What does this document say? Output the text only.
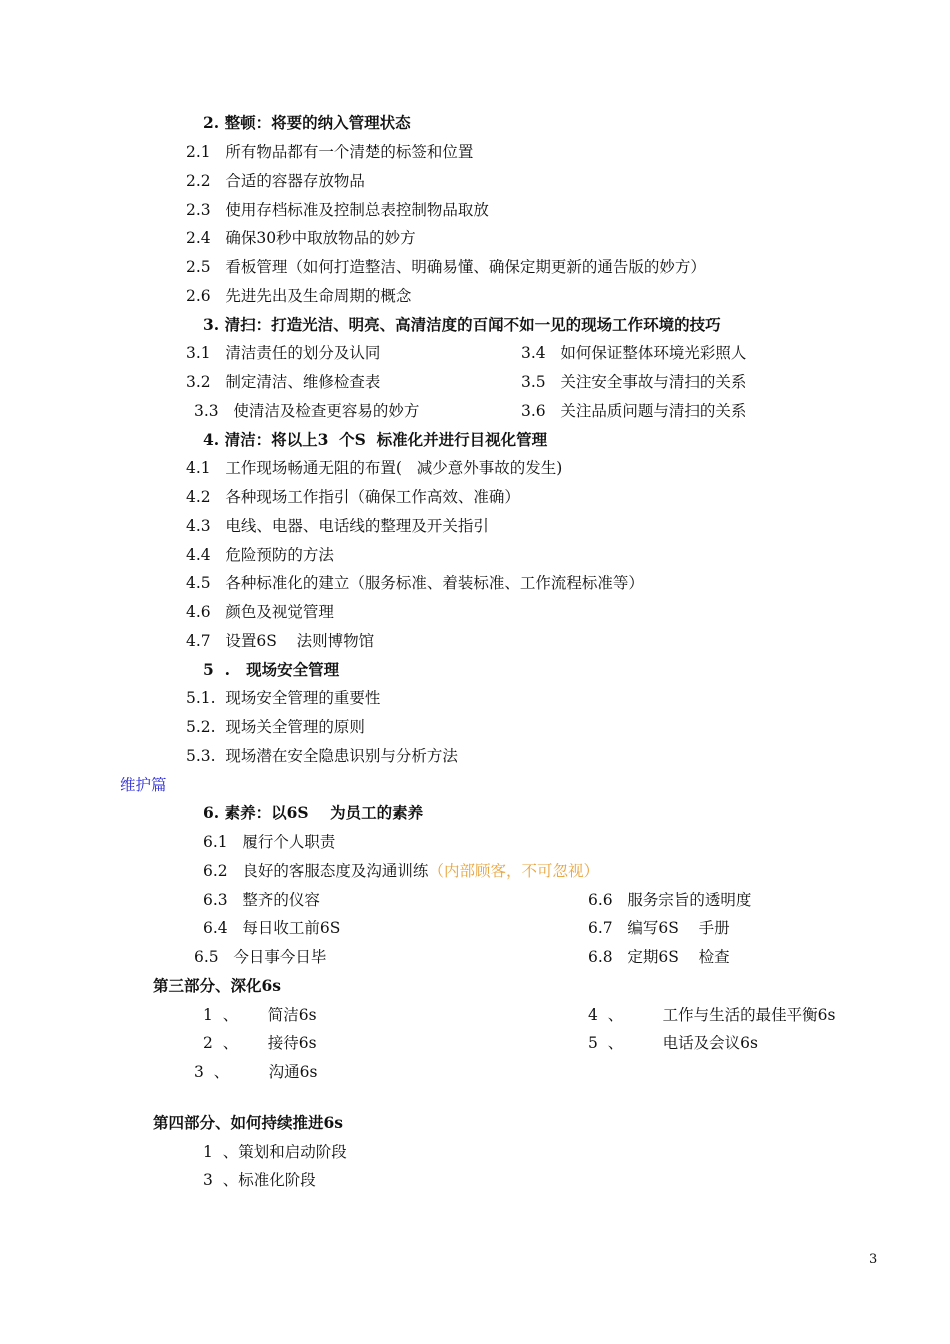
2. 整顿：将要的纳入管理状态
2.1   所有物品都有一个清楚的标签和位置
2.2   合适的容器存放物品
2.3   使用存档标准及控制总表控制物品取放
2.4   确保30秒中取放物品的妙方
2.5   看板管理（如何打造整洁、明确易懂、确保定期更新的通告版的妙方）
2.6   先进先出及生命周期的概念
3. 清扫：打造光洁、明亮、高清洁度的百闻不如一见的现场工作环境的技巧
3.1   清洁责任的划分及认同
3.2   制定清洁、维修检查表
3.3   使清洁及检查更容易的妙方
3.4   如何保证整体环境光彩照人
3.5   关注安全事故与清扫的关系
3.6   关注品质问题与清扫的关系
4. 清洁：将以上3  个S  标准化并进行目视化管理
4.1   工作现场畅通无阻的布置(   减少意外事故的发生)
4.2   各种现场工作指引（确保工作高效、准确）
4.3   电线、电器、电话线的整理及开关指引
4.4   危险预防的方法
4.5   各种标准化的建立（服务标准、着装标准、工作流程标准等）
4.6   颜色及视觉管理
4.7   设置6S    法则博物馆
5  .   现场安全管理
5.1.  现场安全管理的重要性
5.2.  现场关全管理的原则
5.3.  现场潜在安全隐患识别与分析方法
维护篇
6. 素养：以6S    为员工的素养
6.1   履行个人职责
6.2   良好的客服态度及沟通训练（内部顾客，不可忽视）
6.3   整齐的仪容
6.4   每日收工前6S
6.5   今日事今日毕
6.6   服务宗旨的透明度
6.7   编写6S    手册
6.8   定期6S    检查
第三部分、深化6s
1  、      简洁6s
2  、      接待6s
3  、        沟通6s
4  、        工作与生活的最佳平衡6s
5  、        电话及会议6s
第四部分、如何持续推进6s
1  、策划和启动阶段
3  、标准化阶段
3
